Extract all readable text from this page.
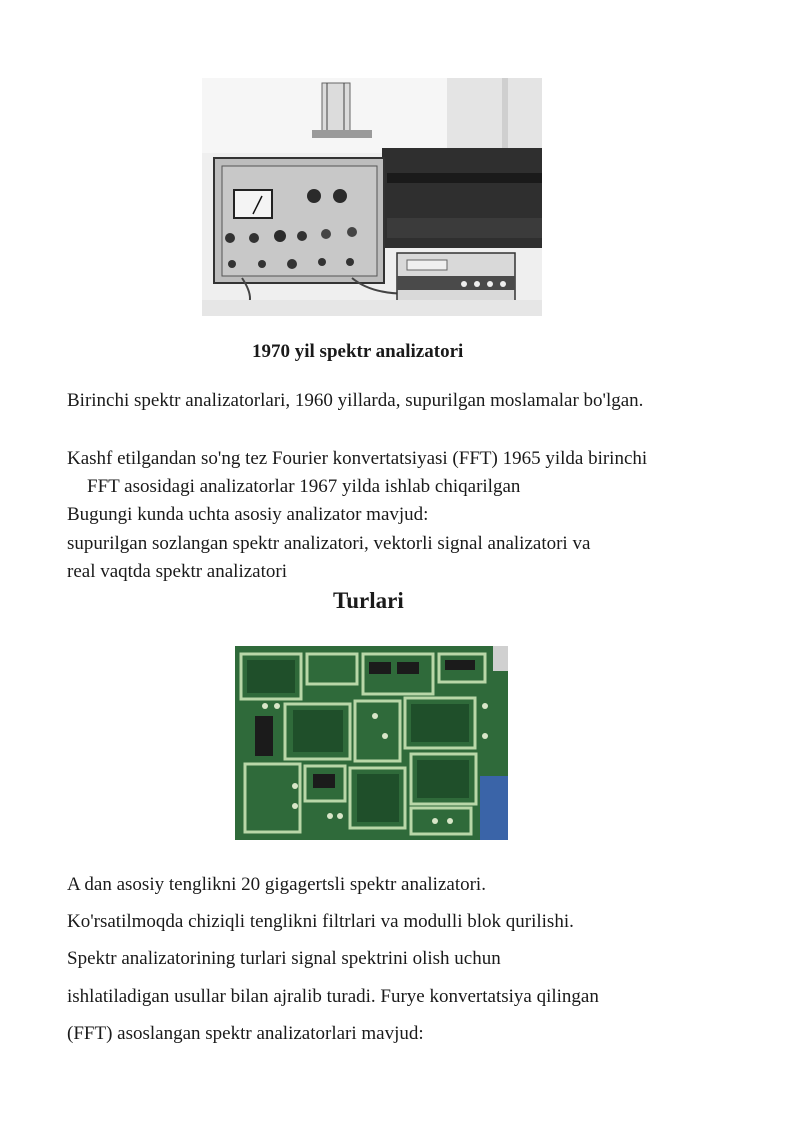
1970 yil spektr analizatori
Birinchi spektr analizatorlari, 1960 yillarda, supurilgan moslamalar bo'lgan.
Kashf etilgandan so'ng tez Fourier konvertatsiyasi (FFT) 1965 yilda birinchi
FFT asosidagi analizatorlar 1967 yilda ishlab chiqarilgan
Bugungi kunda uchta asosiy analizator mavjud:
supurilgan sozlangan spektr analizatori, vektorli signal analizatori va
real vaqtda spektr analizatori
Turlari
A dan asosiy tenglikni 20 gigagertsli spektr analizatori.
Ko'rsatilmoqda chiziqli tenglikni filtrlari va modulli blok qurilishi.
Spektr analizatorining turlari signal spektrini olish uchun
ishlatiladigan usullar bilan ajralib turadi. Furye konvertatsiya qilingan
(FFT) asoslangan spektr analizatorlari mavjud:
